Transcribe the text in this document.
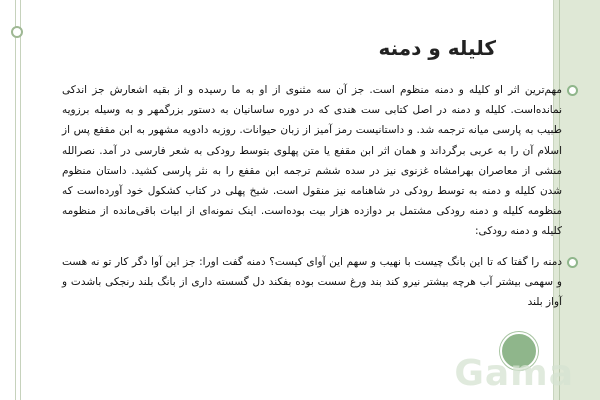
Gama
کلیله و دمنه

مهم‌ترین اثر او کلیله و دمنه منظوم است. جز آن سه مثنوی از او به ما رسیده و از بقیه اشعارش جز اندکی نمانده‌است. کلیله و دمنه در اصل کتابی ست هندی که در دوره ساسانیان به دستور بزرگمهر و به وسیله برزویه طبیب به پارسی میانه ترجمه شد. و داستانیست رمز آمیز از زبان حیوانات. روزبه دادویه مشهور به ابن مقفع پس از اسلام آن را به عربی برگرداند و همان اثر ابن مقفع یا متن پهلوی بتوسط رودکی به شعر فارسی در آمد. نصرالله منشی از معاصران بهرامشاه غزنوی نیز در سده ششم ترجمه ابن مقفع را به نثر پارسی کشید. داستان منظوم شدن کلیله و دمنه به توسط رودکی در شاهنامه نیز منقول است. شیخ پهلی در کتاب کشکول خود آورده‌است که منظومه کلیله و دمنه رودکی مشتمل بر دوازده هزار بیت بوده‌است. اینک نمونه‌ای از ابیات باقی‌مانده از منظومه کلیله و دمنه رودکی:

دمنه را گفتا که تا این بانگ چیست با نهیب و سهم این آوای کیست؟ دمنه گفت اورا: جز این آوا دگر کار تو نه هست و سهمی بیشتر آب هرچه بیشتر نیرو کند بند ورغ سست بوده بفکند دل گسسته داری از بانگ بلند رنجکی باشدت و آواز بلند
